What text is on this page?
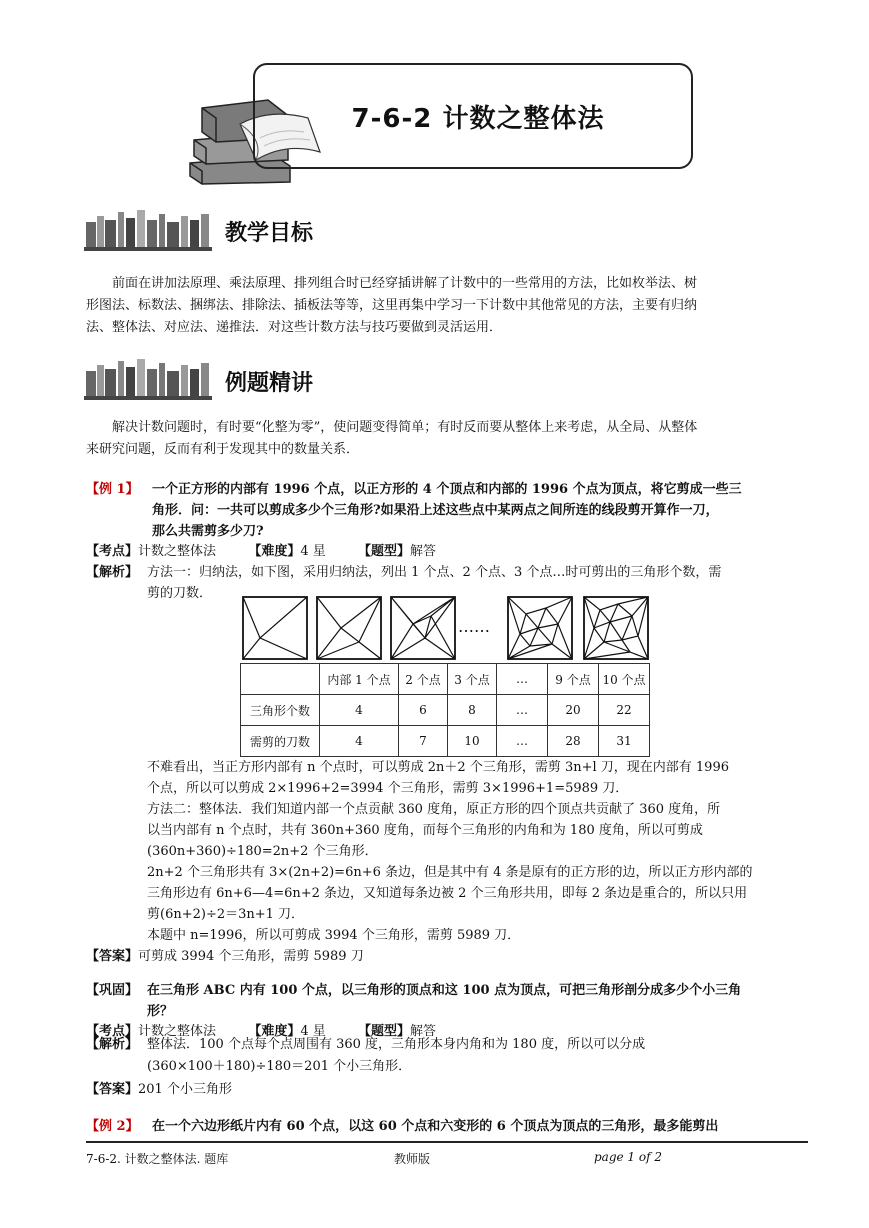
7-6-2 计数之整体法
教学目标
前面在讲加法原理、乘法原理、排列组合时已经穿插讲解了计数中的一些常用的方法，比如枚举法、树
形图法、标数法、捆绑法、排除法、插板法等等，这里再集中学习一下计数中其他常见的方法，主要有归纳
法、整体法、对应法、递推法．对这些计数方法与技巧要做到灵活运用．
例题精讲
解决计数问题时，有时要“化整为零”，使问题变得简单；有时反而要从整体上来考虑，从全局、从整体
来研究问题，反而有利于发现其中的数量关系．
【例 1】 一个正方形的内部有 1996 个点，以正方形的 4 个顶点和内部的 1996 个点为顶点，将它剪成一些三
角形．问：一共可以剪成多少个三角形?如果沿上述这些点中某两点之间所连的线段剪开算作一刀，
那么共需剪多少刀?
【考点】计数之整体法 【难度】4 星 【题型】解答
【解析】 方法一：归纳法，如下图，采用归纳法，列出 1 个点、2 个点、3 个点…时可剪出的三角形个数，需
剪的刀数．
……
	内部 1 个点	2 个点	3 个点	…	9 个点	10 个点
三角形个数	4	6	8	…	20	22
需剪的刀数	4	7	10	…	28	31
不难看出，当正方形内部有 n 个点时，可以剪成 2n＋2 个三角形，需剪 3n+l 刀，现在内部有 1996
个点，所以可以剪成 2×1996+2=3994 个三角形，需剪 3×1996+1=5989 刀．
方法二：整体法．我们知道内部一个点贡献 360 度角，原正方形的四个顶点共贡献了 360 度角，所
以当内部有 n 个点时，共有 360n+360 度角，而每个三角形的内角和为 180 度角，所以可剪成
(360n+360)÷180=2n+2 个三角形．
2n+2 个三角形共有 3×(2n+2)=6n+6 条边，但是其中有 4 条是原有的正方形的边，所以正方形内部的
三角形边有 6n+6—4=6n+2 条边，又知道每条边被 2 个三角形共用，即每 2 条边是重合的，所以只用
剪(6n+2)÷2＝3n+1 刀．
本题中 n=1996，所以可剪成 3994 个三角形，需剪 5989 刀．
【答案】可剪成 3994 个三角形，需剪 5989 刀
【巩固】 在三角形 ABC 内有 100 个点，以三角形的顶点和这 100 点为顶点，可把三角形剖分成多少个小三角
形？
【考点】计数之整体法 【难度】4 星 【题型】解答
【解析】 整体法．100 个点每个点周围有 360 度，三角形本身内角和为 180 度，所以可以分成
(360×100＋180)÷180＝201 个小三角形．
【答案】201 个小三角形
【例 2】 在一个六边形纸片内有 60 个点，以这 60 个点和六变形的 6 个顶点为顶点的三角形，最多能剪出
7-6-2. 计数之整体法. 题库	教师版	page 1 of 2
